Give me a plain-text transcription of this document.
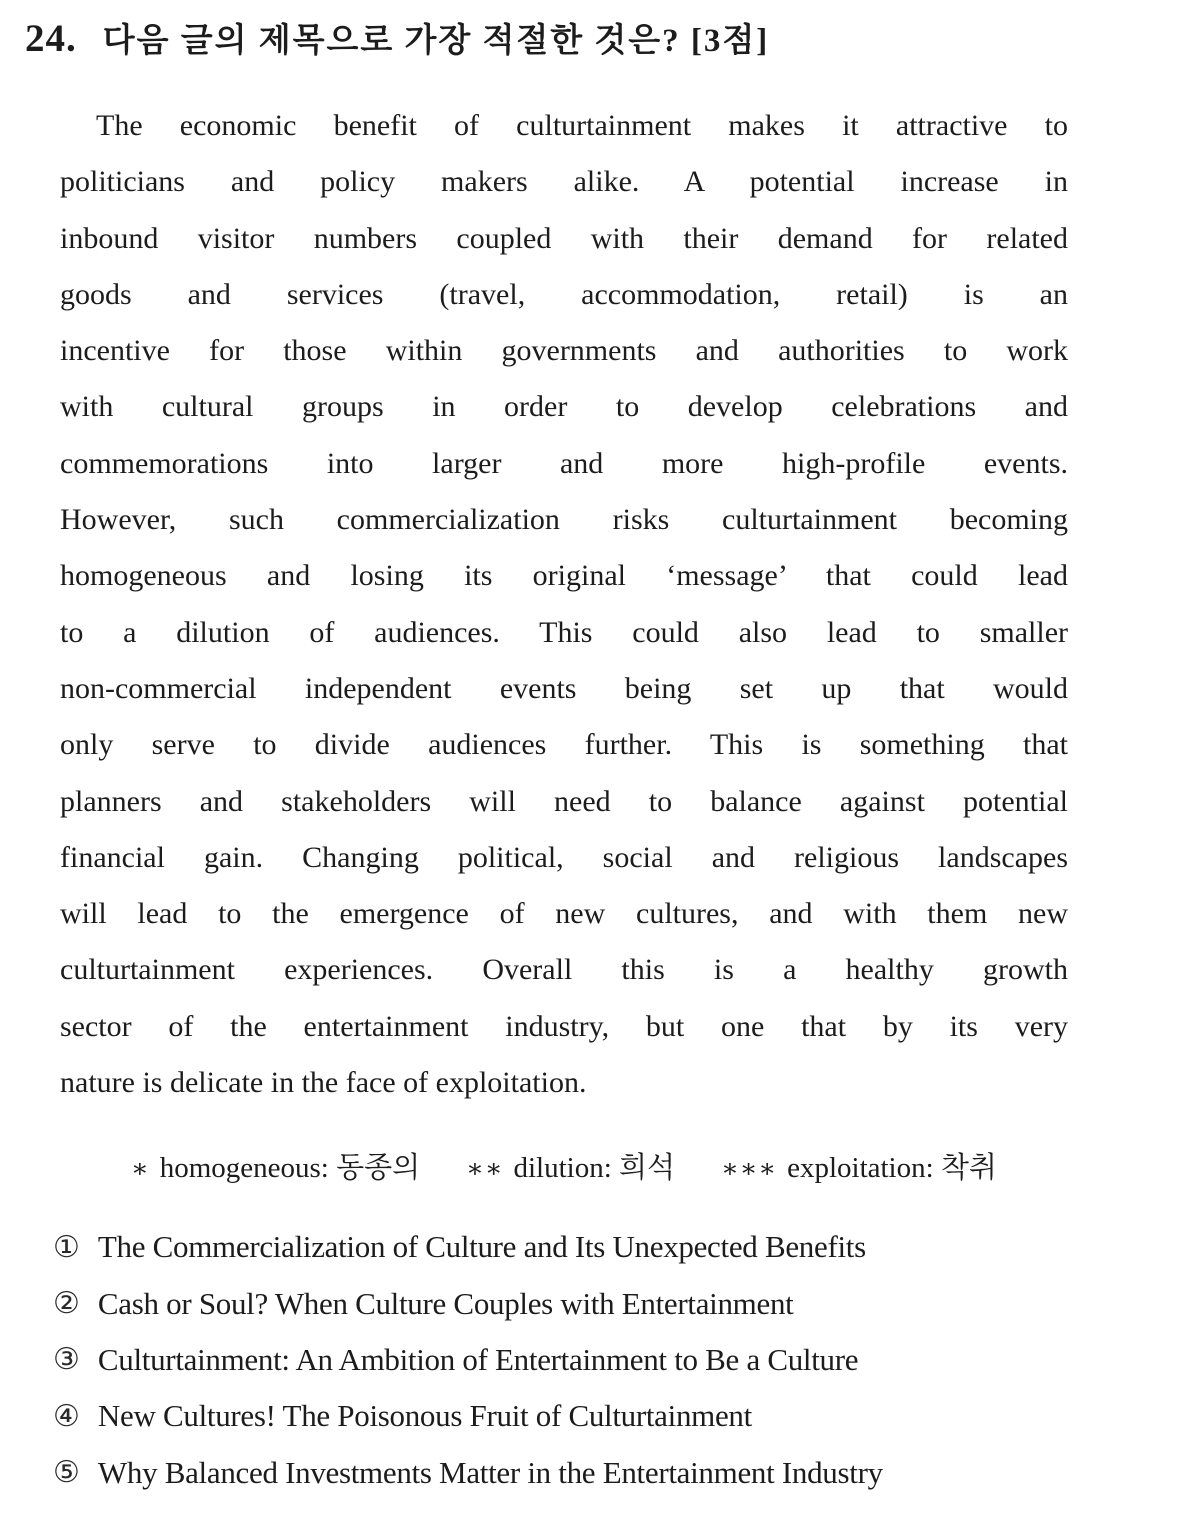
24. 다음 글의 제목으로 가장 적절한 것은? [3점]
The economic benefit of culturtainment makes it attractive to
politicians and policy makers alike. A potential increase in
inbound visitor numbers coupled with their demand for related
goods and services (travel, accommodation, retail) is an
incentive for those within governments and authorities to work
with cultural groups in order to develop celebrations and
commemorations into larger and more high-profile events.
However, such commercialization risks culturtainment becoming
homogeneous and losing its original ‘message’ that could lead
to a dilution of audiences. This could also lead to smaller
non-commercial independent events being set up that would
only serve to divide audiences further. This is something that
planners and stakeholders will need to balance against potential
financial gain. Changing political, social and religious landscapes
will lead to the emergence of new cultures, and with them new
culturtainment experiences. Overall this is a healthy growth
sector of the entertainment industry, but one that by its very
nature is delicate in the face of exploitation.
∗ homogeneous: 동종의 ∗∗ dilution: 희석 ∗∗∗ exploitation: 착취
① The Commercialization of Culture and Its Unexpected Benefits
② Cash or Soul? When Culture Couples with Entertainment
③ Culturtainment: An Ambition of Entertainment to Be a Culture
④ New Cultures! The Poisonous Fruit of Culturtainment
⑤ Why Balanced Investments Matter in the Entertainment Industry
